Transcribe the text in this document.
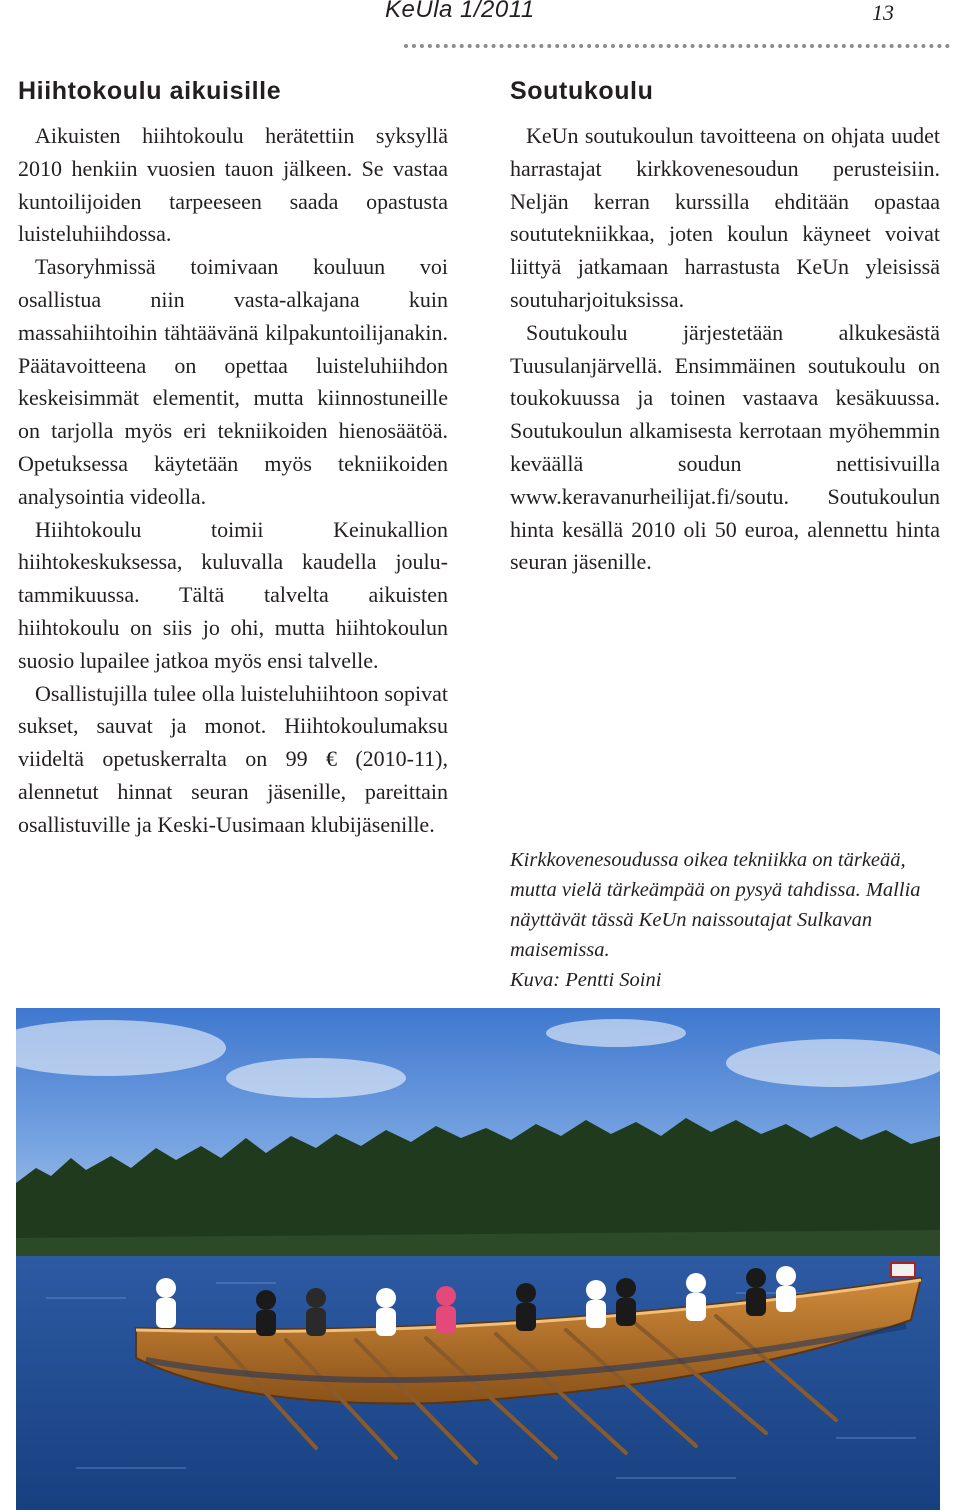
KeUla 1/2011	13
Hiihtokoulu aikuisille

Aikuisten hiihtokoulu herätettiin syksyllä 2010 henkiin vuosien tauon jälkeen. Se vastaa kuntoilijoiden tarpeeseen saada opastusta luisteluhiihdossa.

Tasoryhmissä toimivaan kouluun voi osallistua niin vasta-alkajana kuin massahiihtoihin tähtäävänä kilpakuntoilijanakin. Päätavoitteena on opettaa luisteluhiihdon keskeisimmät elementit, mutta kiinnostuneille on tarjolla myös eri tekniikoiden hienosäätöä. Opetuksessa käytetään myös tekniikoiden analysointia videolla.

Hiihtokoulu toimii Keinukallion hiihtokeskuksessa, kuluvalla kaudella joulu-tammikuussa. Tältä talvelta aikuisten hiihtokoulu on siis jo ohi, mutta hiihtokoulun suosio lupailee jatkoa myös ensi talvelle.

Osallistujilla tulee olla luisteluhiihtoon sopivat sukset, sauvat ja monot. Hiihtokoulumaksu viideltä opetuskerralta on 99 € (2010-11), alennetut hinnat seuran jäsenille, pareittain osallistuville ja Keski-Uusimaan klubijäsenille.

Soutukoulu

KeUn soutukoulun tavoitteena on ohjata uudet harrastajat kirkkovenesoudun perusteisiin. Neljän kerran kurssilla ehditään opastaa soututekniikkaa, joten koulun käyneet voivat liittyä jatkamaan harrastusta KeUn yleisissä soutuharjoituksissa.

Soutukoulu järjestetään alkukesästä Tuusulanjärvellä. Ensimmäinen soutukoulu on toukokuussa ja toinen vastaava kesäkuussa. Soutukoulun alkamisesta kerrotaan myöhemmin keväällä soudun nettisivuilla www.keravanurheilijat.fi/soutu. Soutukoulun hinta kesällä 2010 oli 50 euroa, alennettu hinta seuran jäsenille.

Kirkkovenesoudussa oikea tekniikka on tärkeää, mutta vielä tärkeämpää on pysyä tahdissa. Mallia näyttävät tässä KeUn naissoutajat Sulkavan maisemissa.

Kuva: Pentti Soini
